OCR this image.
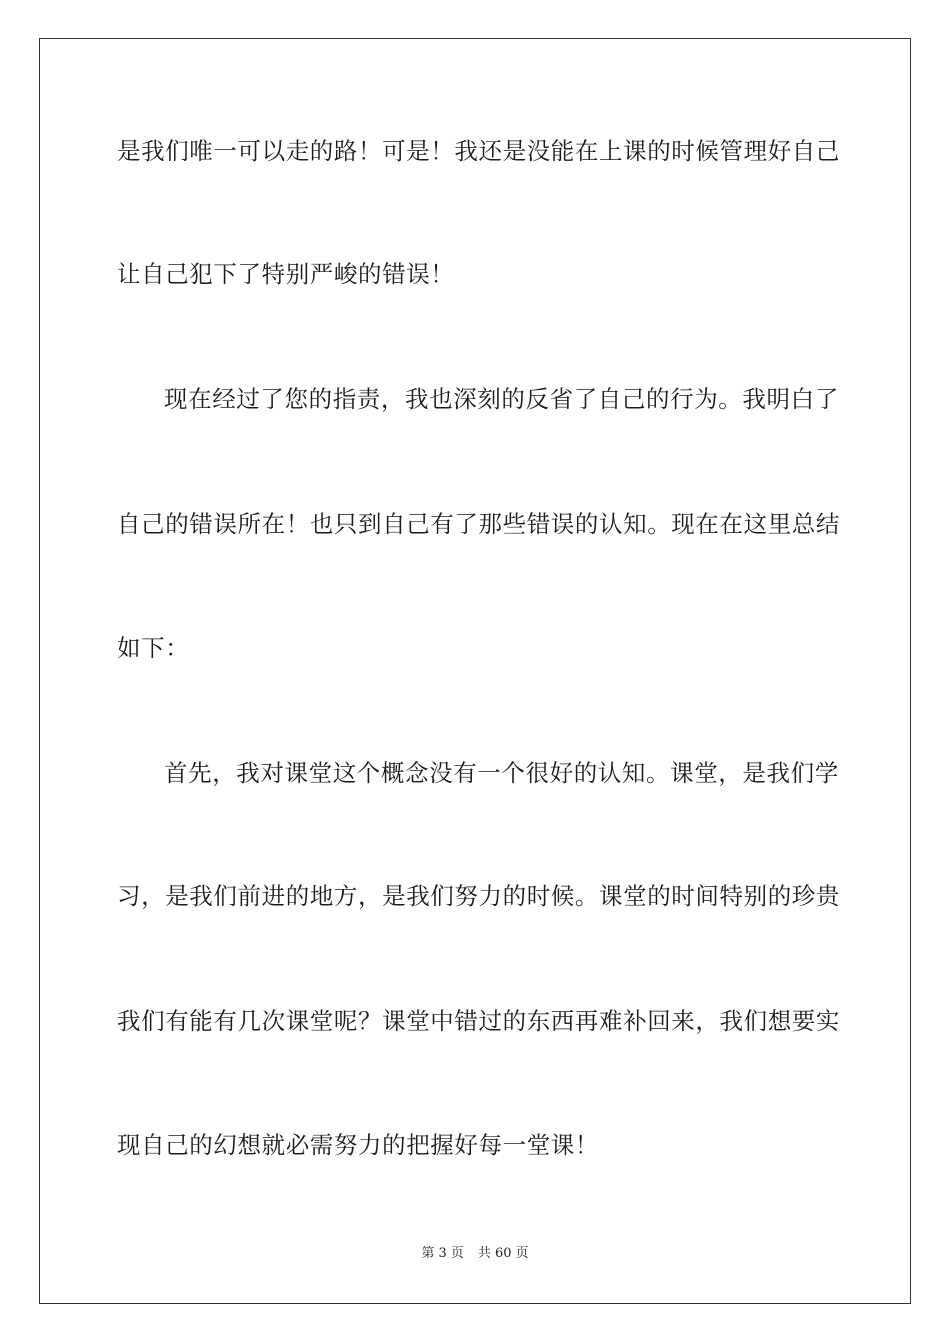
是我们唯一可以走的路！可是！我还是没能在上课的时候管理好自己
让自己犯下了特别严峻的错误！
现在经过了您的指责，我也深刻的反省了自己的行为。我明白了
自己的错误所在！也只到自己有了那些错误的认知。现在在这里总结
如下：
首先，我对课堂这个概念没有一个很好的认知。课堂，是我们学
习，是我们前进的地方，是我们努力的时候。课堂的时间特别的珍贵
我们有能有几次课堂呢？课堂中错过的东西再难补回来，我们想要实
现自己的幻想就必需努力的把握好每一堂课！
第 3 页 共 60 页
